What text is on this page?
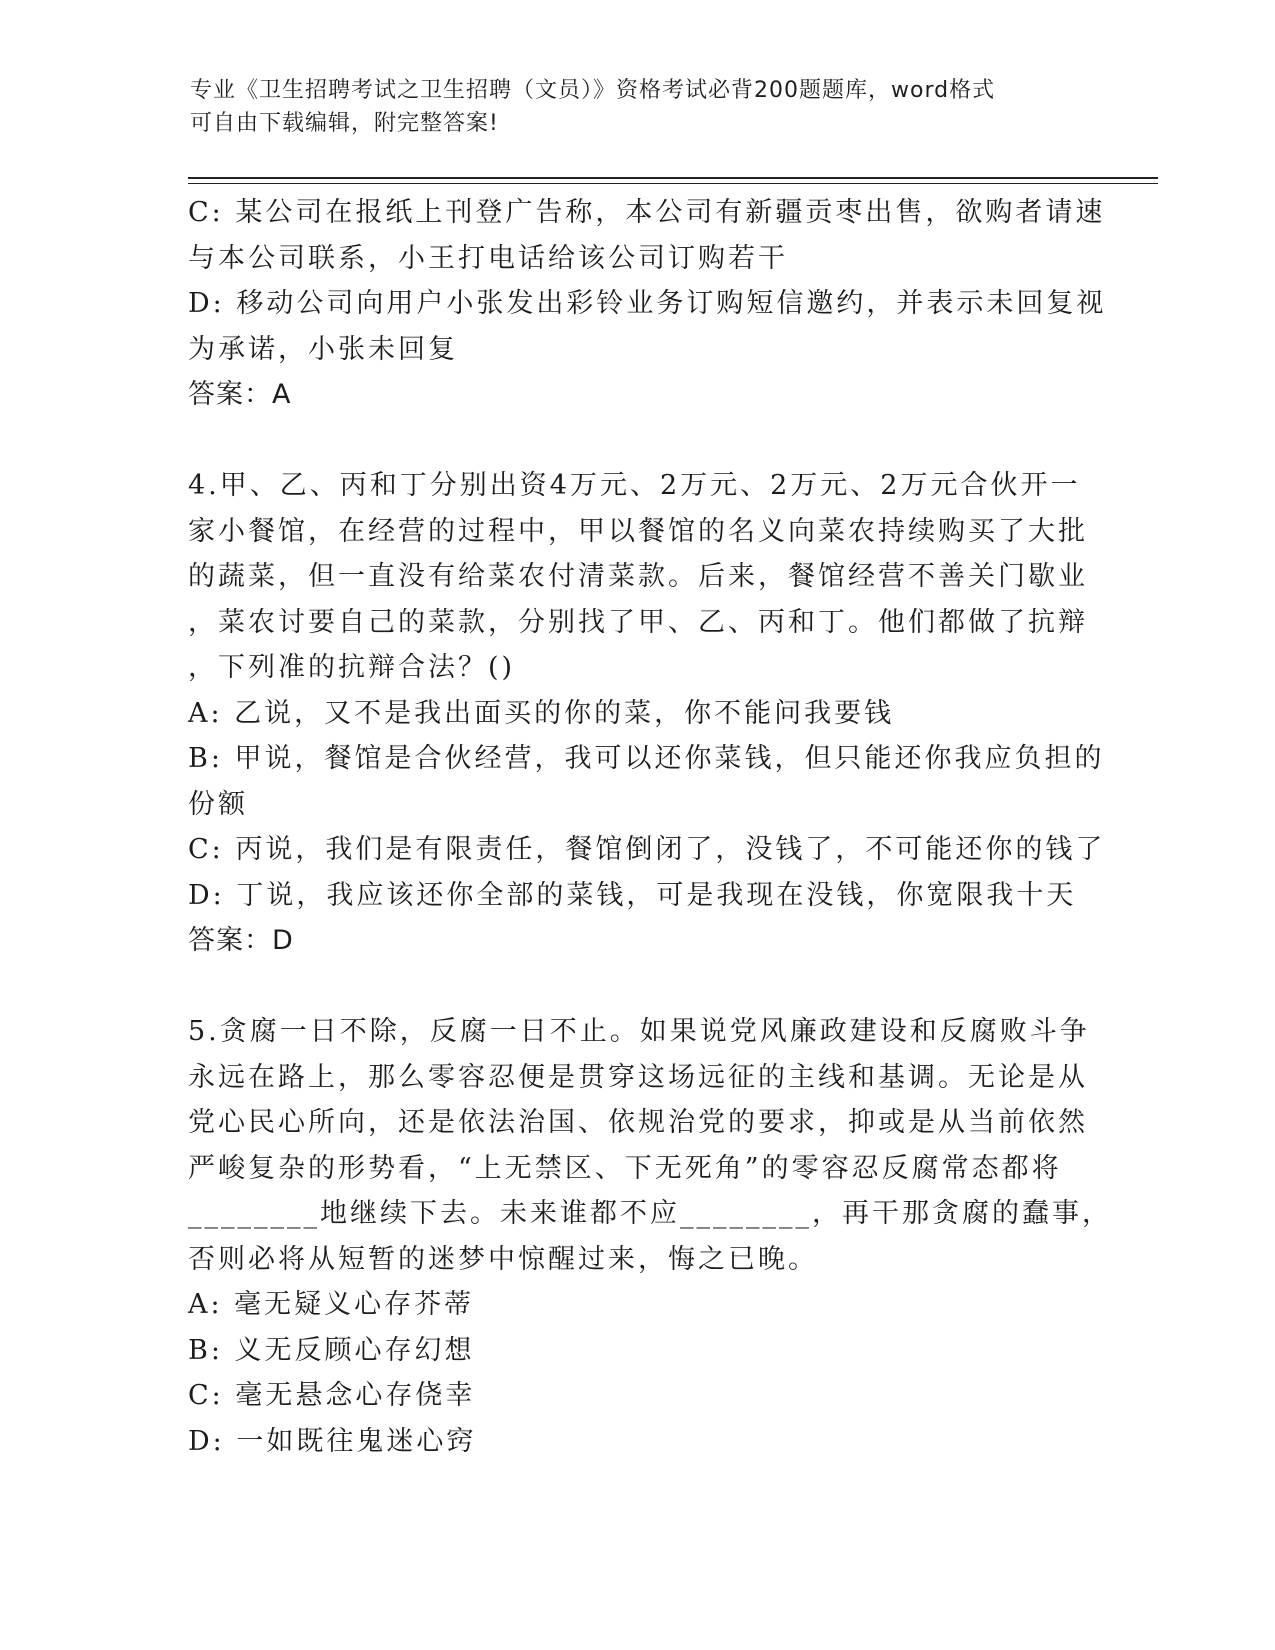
专业《卫生招聘考试之卫生招聘（文员）》资格考试必背200题题库，word格式
可自由下载编辑，附完整答案!
C: 某公司在报纸上刊登广告称，本公司有新疆贡枣出售，欲购者请速
与本公司联系，小王打电话给该公司订购若干
D: 移动公司向用户小张发出彩铃业务订购短信邀约，并表示未回复视
为承诺，小张未回复
答案：A
4.甲、乙、丙和丁分别出资4万元、2万元、2万元、2万元合伙开一
家小餐馆，在经营的过程中，甲以餐馆的名义向菜农持续购买了大批
的蔬菜，但一直没有给菜农付清菜款。后来，餐馆经营不善关门歇业
，菜农讨要自己的菜款，分别找了甲、乙、丙和丁。他们都做了抗辩
，下列准的抗辩合法？()
A: 乙说，又不是我出面买的你的菜，你不能问我要钱
B: 甲说，餐馆是合伙经营，我可以还你菜钱，但只能还你我应负担的
份额
C: 丙说，我们是有限责任，餐馆倒闭了，没钱了，不可能还你的钱了
D: 丁说，我应该还你全部的菜钱，可是我现在没钱，你宽限我十天
答案：D
5.贪腐一日不除，反腐一日不止。如果说党风廉政建设和反腐败斗争
永远在路上，那么零容忍便是贯穿这场远征的主线和基调。无论是从
党心民心所向，还是依法治国、依规治党的要求，抑或是从当前依然
严峻复杂的形势看，“上无禁区、下无死角”的零容忍反腐常态都将
________地继续下去。未来谁都不应________，再干那贪腐的蠢事，
否则必将从短暂的迷梦中惊醒过来，悔之已晚。
A: 毫无疑义心存芥蒂
B: 义无反顾心存幻想
C: 毫无悬念心存侥幸
D: 一如既往鬼迷心窍
